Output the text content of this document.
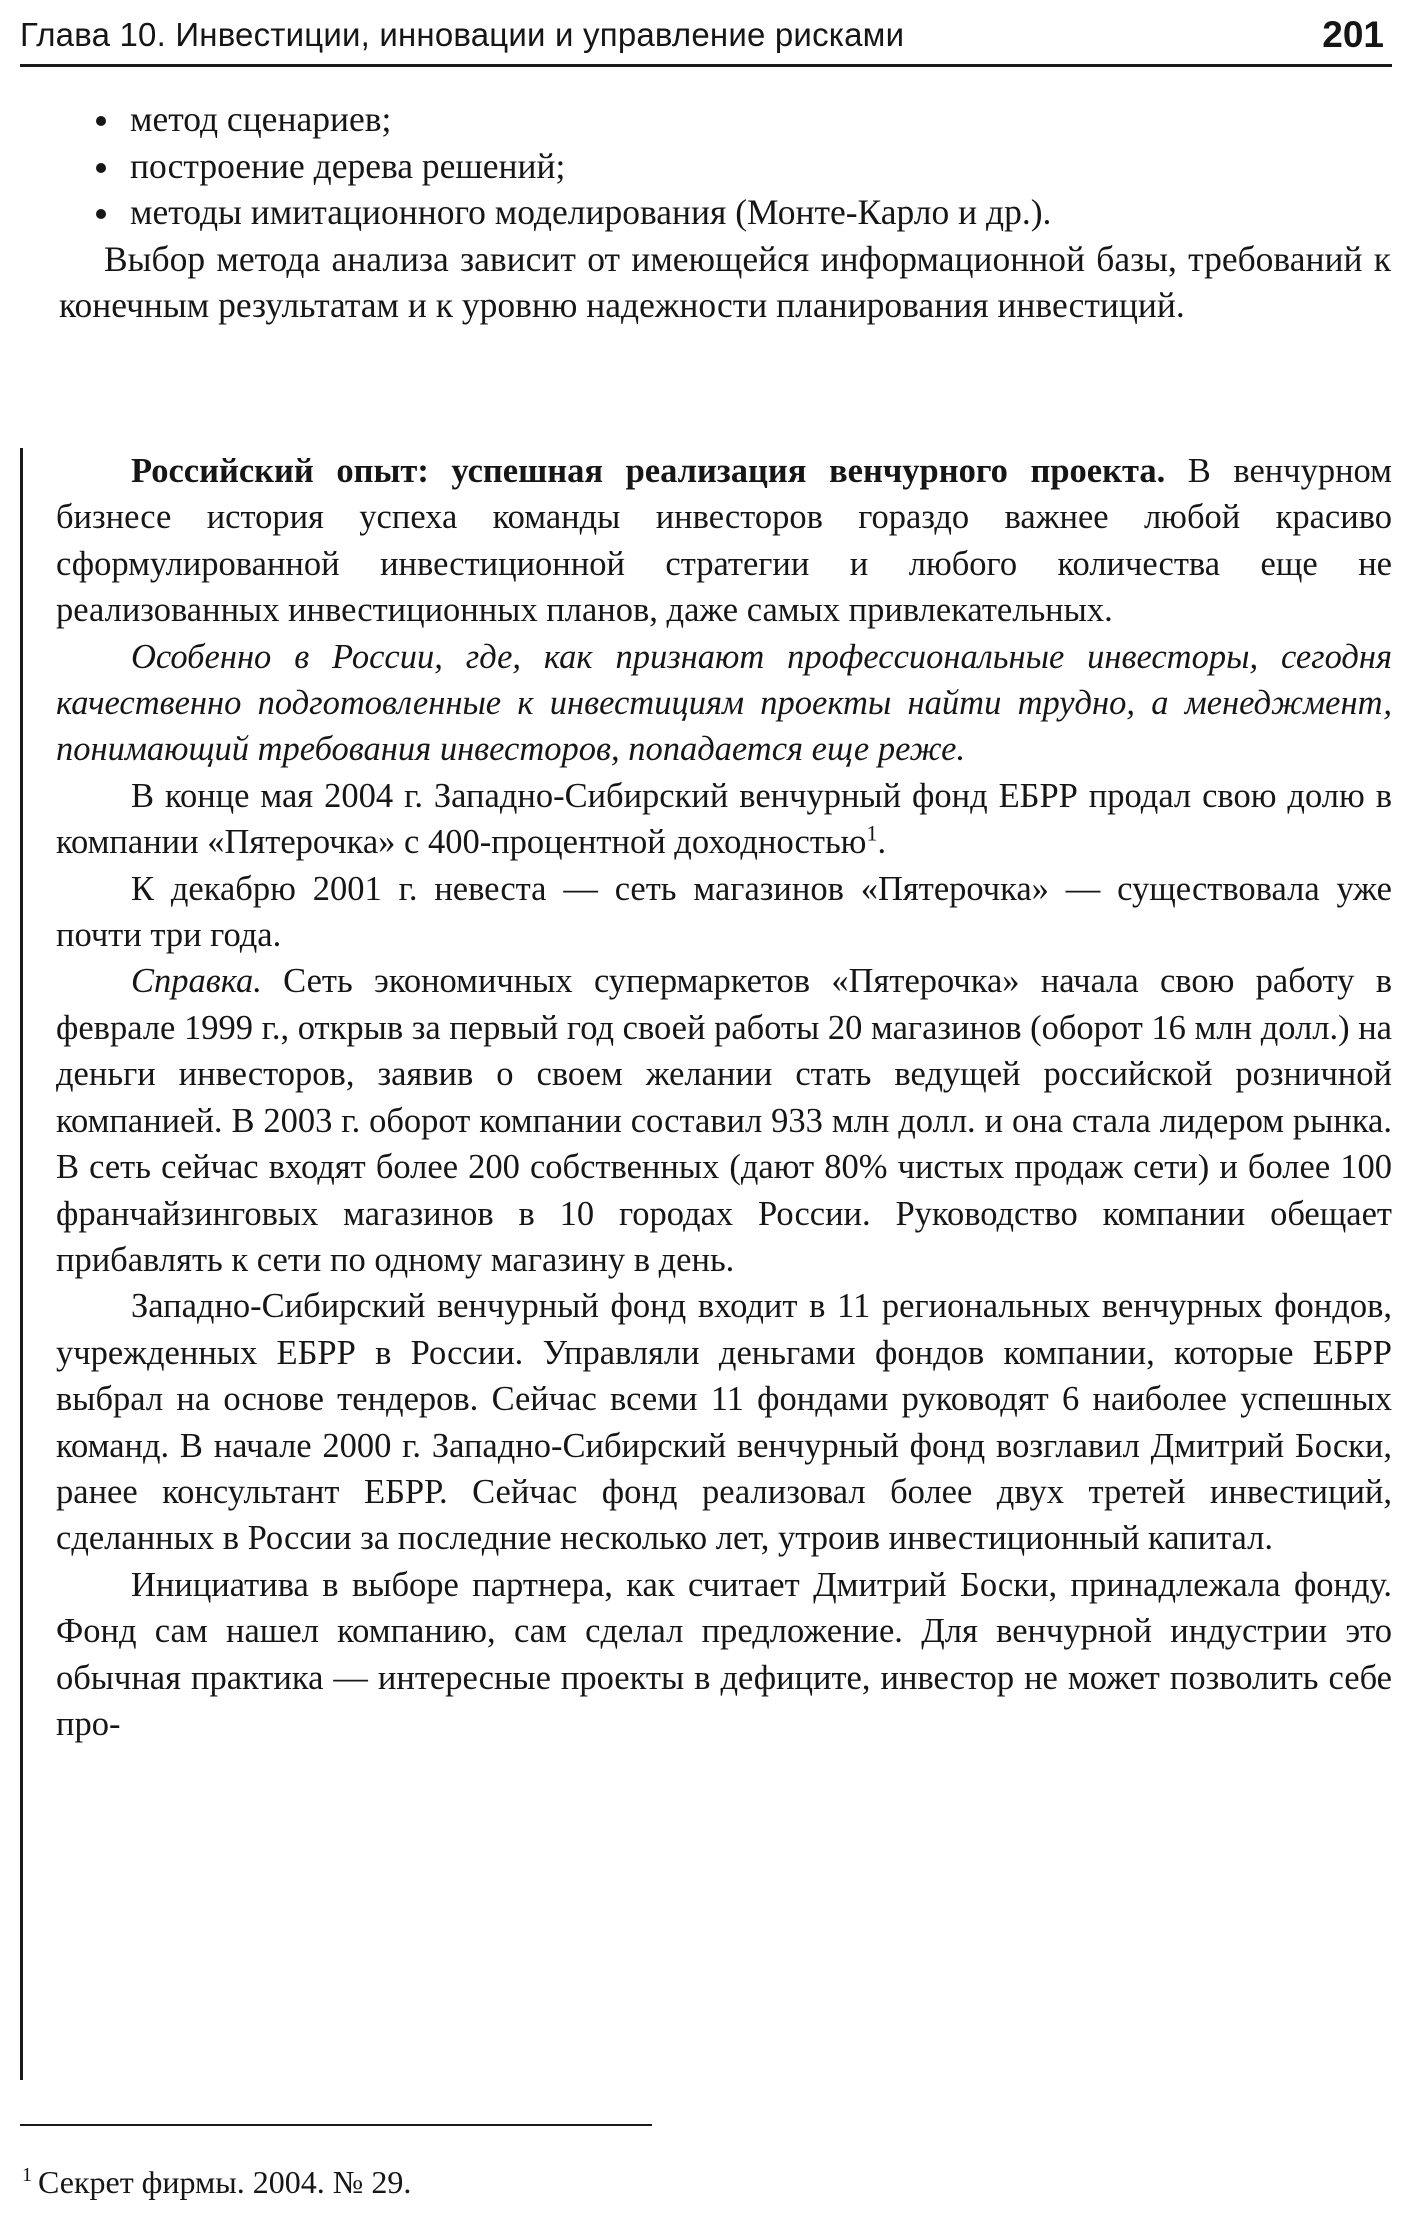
Глава 10. Инвестиции, инновации и управление рисками	201
метод сценариев;
построение дерева решений;
методы имитационного моделирования (Монте-Карло и др.).

Выбор метода анализа зависит от имеющейся информационной базы, требований к конечным результатам и к уровню надежности планирования инвестиций.

Российский опыт: успешная реализация венчурного проекта. В венчурном бизнесе история успеха команды инвесторов гораздо важнее любой красиво сформулированной инвестиционной стратегии и любого количества еще не реализованных инвестиционных планов, даже самых привлекательных.

Особенно в России, где, как признают профессиональные инвесторы, сегодня качественно подготовленные к инвестициям проекты найти трудно, а менеджмент, понимающий требования инвесторов, попадается еще реже.

В конце мая 2004 г. Западно-Сибирский венчурный фонд ЕБРР продал свою долю в компании «Пятерочка» с 400-процентной доходностью$^1$.

К декабрю 2001 г. невеста — сеть магазинов «Пятерочка» — существовала уже почти три года.

Справка. Сеть экономичных супермаркетов «Пятерочка» начала свою работу в феврале 1999 г., открыв за первый год своей работы 20 магазинов (оборот 16 млн долл.) на деньги инвесторов, заявив о своем желании стать ведущей российской розничной компанией. В 2003 г. оборот компании составил 933 млн долл. и она стала лидером рынка. В сеть сейчас входят более 200 собственных (дают 80% чистых продаж сети) и более 100 франчайзинговых магазинов в 10 городах России. Руководство компании обещает прибавлять к сети по одному магазину в день.

Западно-Сибирский венчурный фонд входит в 11 региональных венчурных фондов, учрежденных ЕБРР в России. Управляли деньгами фондов компании, которые ЕБРР выбрал на основе тендеров. Сейчас всеми 11 фондами руководят 6 наиболее успешных команд. В начале 2000 г. Западно-Сибирский венчурный фонд возглавил Дмитрий Боски, ранее консультант ЕБРР. Сейчас фонд реализовал более двух третей инвестиций, сделанных в России за последние несколько лет, утроив инвестиционный капитал.

Инициатива в выборе партнера, как считает Дмитрий Боски, принадлежала фонду. Фонд сам нашел компанию, сам сделал предложение. Для венчурной индустрии это обычная практика — интересные проекты в дефиците, инвестор не может позволить себе про-

$^1$ Секрет фирмы. 2004. № 29.
